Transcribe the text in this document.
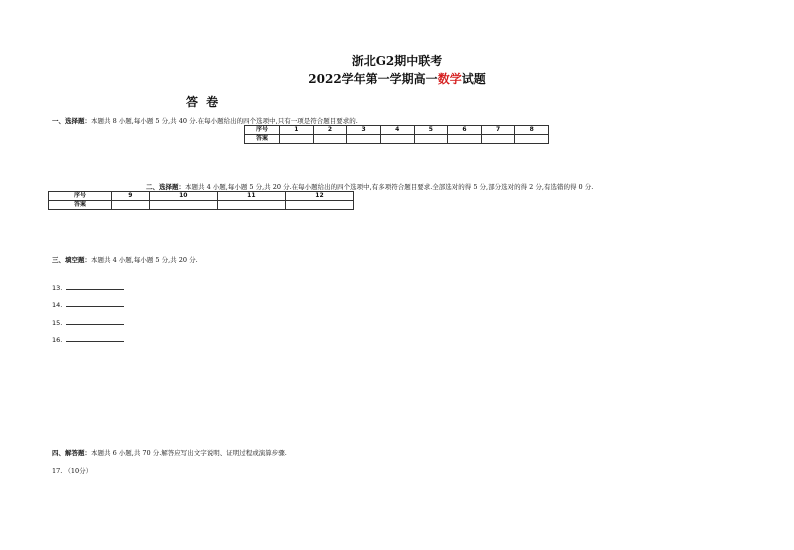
浙北G2期中联考
2022学年第一学期高一数学试题
答 卷
一、选择题：本题共 8 小题,每小题 5 分,共 40 分.在每小题给出的四个选项中,只有一项是符合题目要求的.
序号	1	2	3	4	5	6	7	8
答案								
二、选择题：本题共 4 小题,每小题 5 分,共 20 分.在每小题给出的四个选项中,有多项符合题目要求.全部选对的得 5 分,部分选对的得 2 分,有选错的得 0 分.
序号	9	10	11	12
答案				
三、填空题：本题共 4 小题,每小题 5 分,共 20 分.
13.
14.
15.
16.
四、解答题：本题共 6 小题,共 70 分.解答应写出文字说明、证明过程或演算步骤.
17. （10分）
